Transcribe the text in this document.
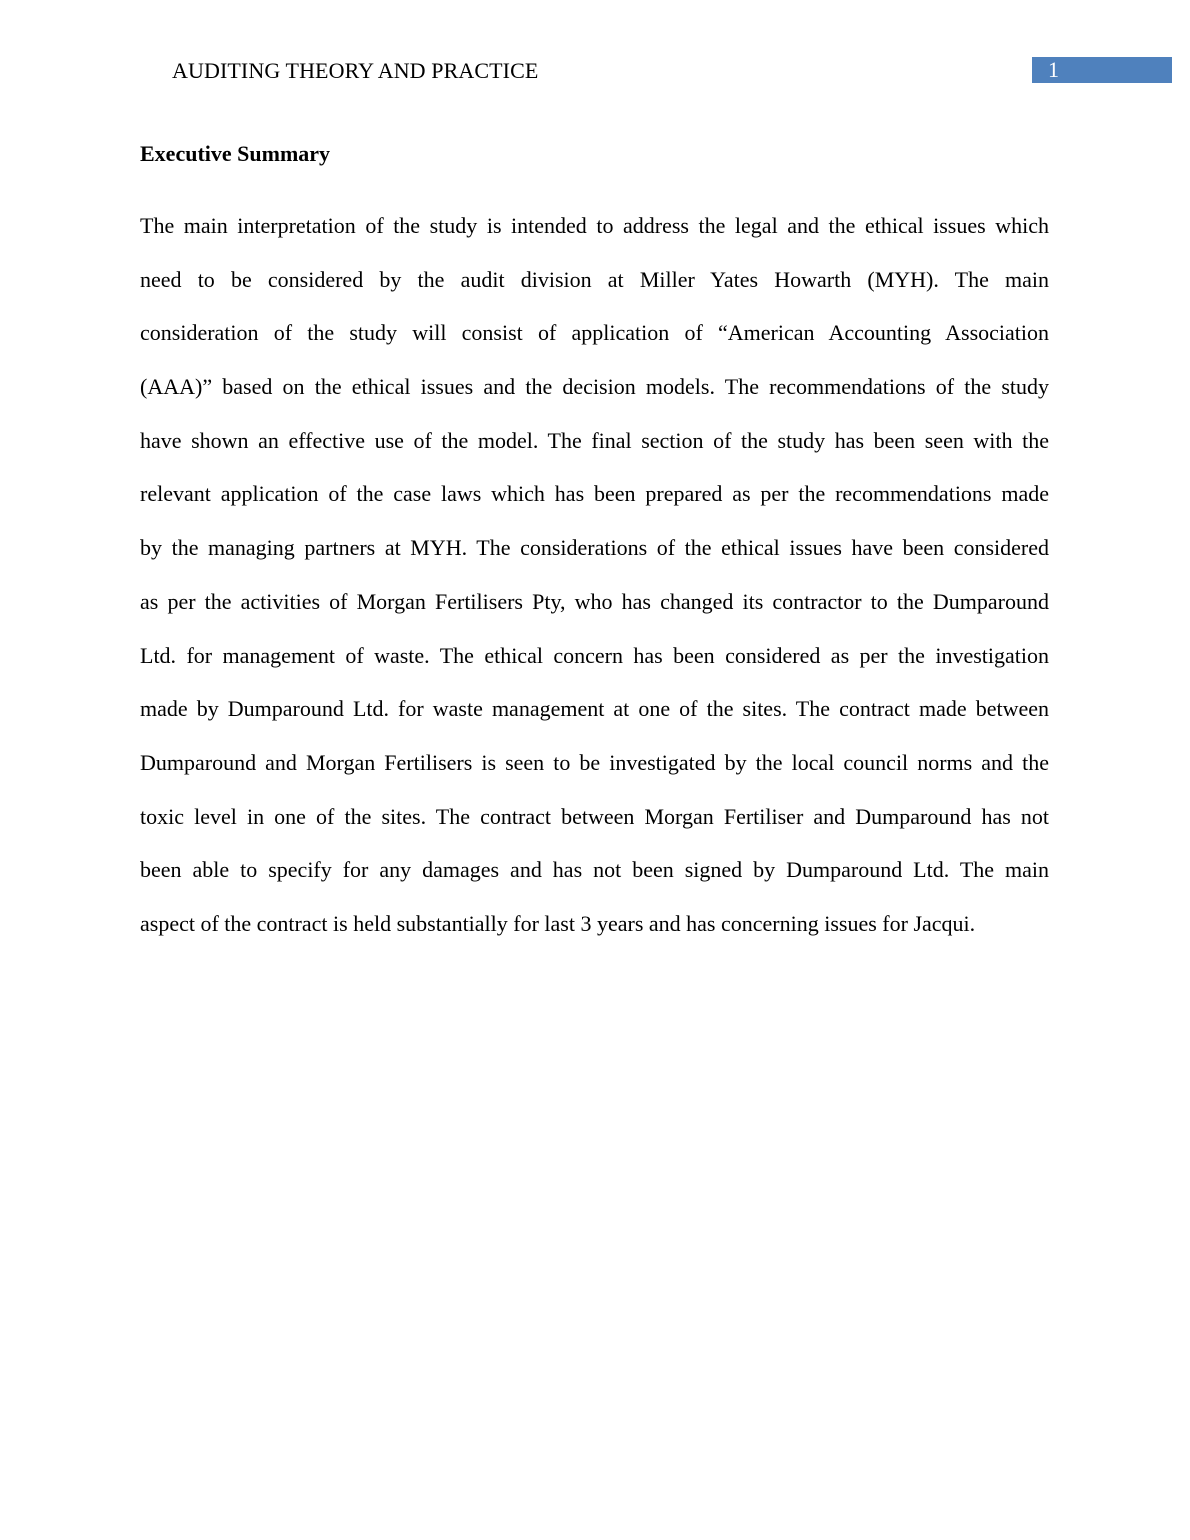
AUDITING THEORY AND PRACTICE	1
Executive Summary
The main interpretation of the study is intended to address the legal and the ethical issues which
need to be considered by the audit division at Miller Yates Howarth (MYH). The main
consideration of the study will consist of application of “American Accounting Association
(AAA)” based on the ethical issues and the decision models. The recommendations of the study
have shown an effective use of the model. The final section of the study has been seen with the
relevant application of the case laws which has been prepared as per the recommendations made
by the managing partners at MYH. The considerations of the ethical issues have been considered
as per the activities of Morgan Fertilisers Pty, who has changed its contractor to the Dumparound
Ltd. for management of waste. The ethical concern has been considered as per the investigation
made by Dumparound Ltd. for waste management at one of the sites. The contract made between
Dumparound and Morgan Fertilisers is seen to be investigated by the local council norms and the
toxic level in one of the sites. The contract between Morgan Fertiliser and Dumparound has not
been able to specify for any damages and has not been signed by Dumparound Ltd. The main
aspect of the contract is held substantially for last 3 years and has concerning issues for Jacqui.
